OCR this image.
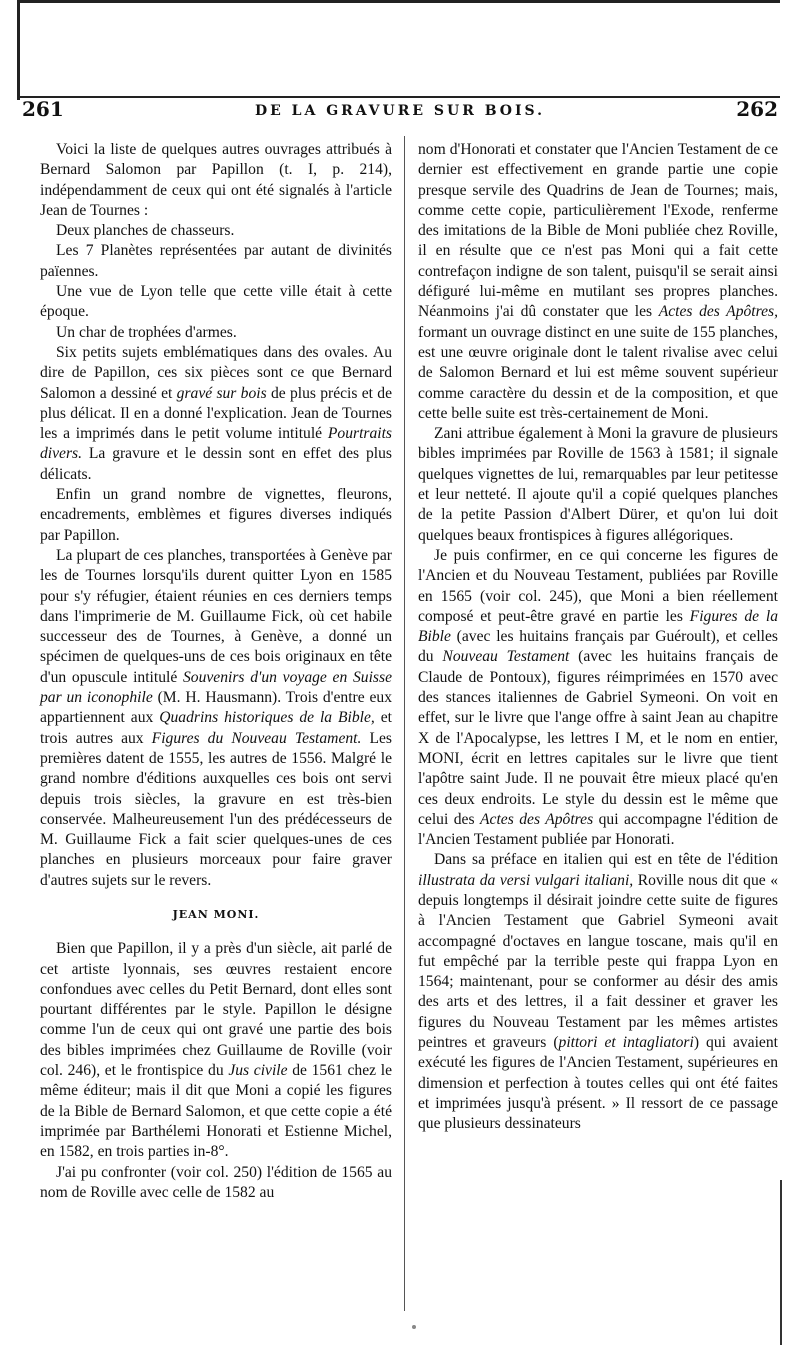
261	DE LA GRAVURE SUR BOIS.	262

Voici la liste de quelques autres ouvrages attribués à Bernard Salomon par Papillon (t. I, p. 214), indépendamment de ceux qui ont été signalés à l'article Jean de Tournes :

Deux planches de chasseurs.

Les 7 Planètes représentées par autant de divinités païennes.

Une vue de Lyon telle que cette ville était à cette époque.

Un char de trophées d'armes.

Six petits sujets emblématiques dans des ovales. Au dire de Papillon, ces six pièces sont ce que Bernard Salomon a dessiné et gravé sur bois de plus précis et de plus délicat. Il en a donné l'explication. Jean de Tournes les a imprimés dans le petit volume intitulé Pourtraits divers. La gravure et le dessin sont en effet des plus délicats.

Enfin un grand nombre de vignettes, fleurons, encadrements, emblèmes et figures diverses indiqués par Papillon.

La plupart de ces planches, transportées à Genève par les de Tournes lorsqu'ils durent quitter Lyon en 1585 pour s'y réfugier, étaient réunies en ces derniers temps dans l'imprimerie de M. Guillaume Fick, où cet habile successeur des de Tournes, à Genève, a donné un spécimen de quelques-uns de ces bois originaux en tête d'un opuscule intitulé Souvenirs d'un voyage en Suisse par un iconophile (M. H. Hausmann). Trois d'entre eux appartiennent aux Quadrins historiques de la Bible, et trois autres aux Figures du Nouveau Testament. Les premières datent de 1555, les autres de 1556. Malgré le grand nombre d'éditions auxquelles ces bois ont servi depuis trois siècles, la gravure en est très-bien conservée. Malheureusement l'un des prédécesseurs de M. Guillaume Fick a fait scier quelques-unes de ces planches en plusieurs morceaux pour faire graver d'autres sujets sur le revers.

JEAN MONI.

Bien que Papillon, il y a près d'un siècle, ait parlé de cet artiste lyonnais, ses œuvres restaient encore confondues avec celles du Petit Bernard, dont elles sont pourtant différentes par le style. Papillon le désigne comme l'un de ceux qui ont gravé une partie des bois des bibles imprimées chez Guillaume de Roville (voir col. 246), et le frontispice du Jus civile de 1561 chez le même éditeur; mais il dit que Moni a copié les figures de la Bible de Bernard Salomon, et que cette copie a été imprimée par Barthélemi Honorati et Estienne Michel, en 1582, en trois parties in-8°.

J'ai pu confronter (voir col. 250) l'édition de 1565 au nom de Roville avec celle de 1582 au

nom d'Honorati et constater que l'Ancien Testament de ce dernier est effectivement en grande partie une copie presque servile des Quadrins de Jean de Tournes; mais, comme cette copie, particulièrement l'Exode, renferme des imitations de la Bible de Moni publiée chez Roville, il en résulte que ce n'est pas Moni qui a fait cette contrefaçon indigne de son talent, puisqu'il se serait ainsi défiguré lui-même en mutilant ses propres planches. Néanmoins j'ai dû constater que les Actes des Apôtres, formant un ouvrage distinct en une suite de 155 planches, est une œuvre originale dont le talent rivalise avec celui de Salomon Bernard et lui est même souvent supérieur comme caractère du dessin et de la composition, et que cette belle suite est très-certainement de Moni.

Zani attribue également à Moni la gravure de plusieurs bibles imprimées par Roville de 1563 à 1581; il signale quelques vignettes de lui, remarquables par leur petitesse et leur netteté. Il ajoute qu'il a copié quelques planches de la petite Passion d'Albert Dürer, et qu'on lui doit quelques beaux frontispices à figures allégoriques.

Je puis confirmer, en ce qui concerne les figures de l'Ancien et du Nouveau Testament, publiées par Roville en 1565 (voir col. 245), que Moni a bien réellement composé et peut-être gravé en partie les Figures de la Bible (avec les huitains français par Guéroult), et celles du Nouveau Testament (avec les huitains français de Claude de Pontoux), figures réimprimées en 1570 avec des stances italiennes de Gabriel Symeoni. On voit en effet, sur le livre que l'ange offre à saint Jean au chapitre X de l'Apocalypse, les lettres I M, et le nom en entier, MONI, écrit en lettres capitales sur le livre que tient l'apôtre saint Jude. Il ne pouvait être mieux placé qu'en ces deux endroits. Le style du dessin est le même que celui des Actes des Apôtres qui accompagne l'édition de l'Ancien Testament publiée par Honorati.

Dans sa préface en italien qui est en tête de l'édition illustrata da versi vulgari italiani, Roville nous dit que « depuis longtemps il désirait joindre cette suite de figures à l'Ancien Testament que Gabriel Symeoni avait accompagné d'octaves en langue toscane, mais qu'il en fut empêché par la terrible peste qui frappa Lyon en 1564; maintenant, pour se conformer au désir des amis des arts et des lettres, il a fait dessiner et graver les figures du Nouveau Testament par les mêmes artistes peintres et graveurs (pittori et intagliatori) qui avaient exécuté les figures de l'Ancien Testament, supérieures en dimension et perfection à toutes celles qui ont été faites et imprimées jusqu'à présent. » Il ressort de ce passage que plusieurs dessinateurs
